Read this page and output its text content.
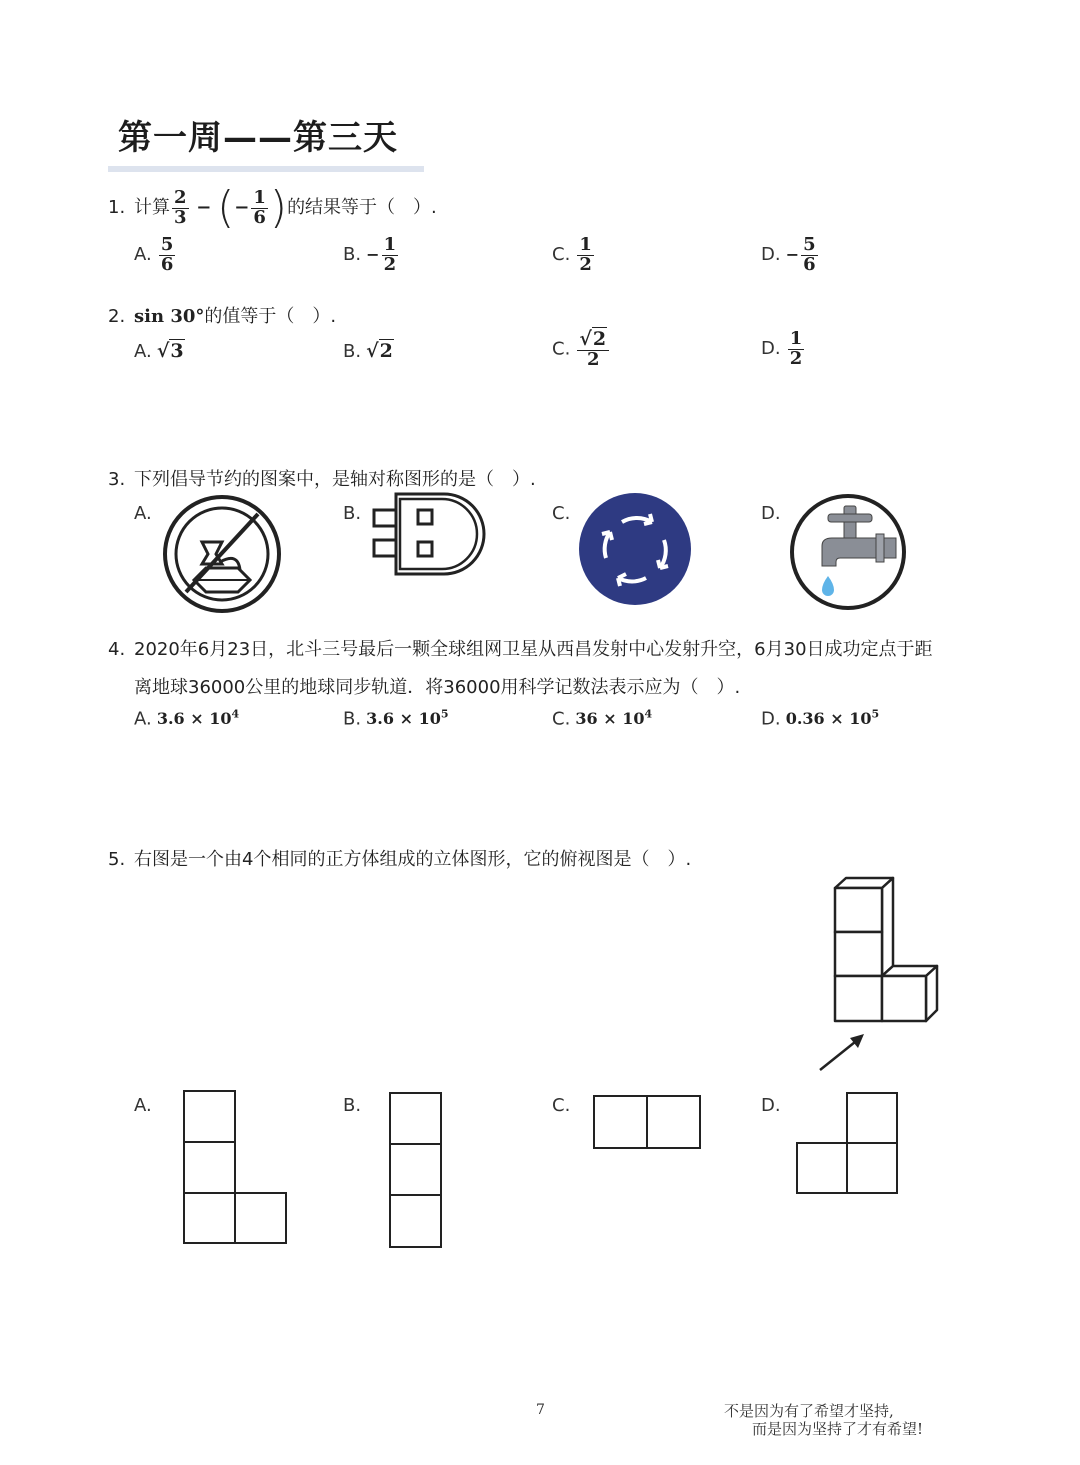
第一周——第三天
1. 计算 $\frac{2}{3}$ − (− $\frac{1}{6}$ )的结果等于（　）.
A. $\frac{5}{6}$	B. − $\frac{1}{2}$	C. $\frac{1}{2}$	D. − $\frac{5}{6}$
2. sin 30°的值等于（　）.
A. √3	B. √2	C. $\frac{√2}{2}$	D. $\frac{1}{2}$
3. 下列倡导节约的图案中，是轴对称图形的是（　）.
A.	B.	C.	D.
4. 2020年6月23日，北斗三号最后一颗全球组网卫星从西昌发射中心发射升空，6月30日成功定点于距
离地球36000公里的地球同步轨道．将36000用科学记数法表示应为（　）.
A. $3.6 \times 10^4$	B. $3.6 \times 10^5$	C. $36 \times 10^4$	D. $0.36 \times 10^5$
5. 右图是一个由4个相同的正方体组成的立体图形，它的俯视图是（　）.
A.	B.	C.	D.
7	不是因为有了希望才坚持,
而是因为坚持了才有希望!
